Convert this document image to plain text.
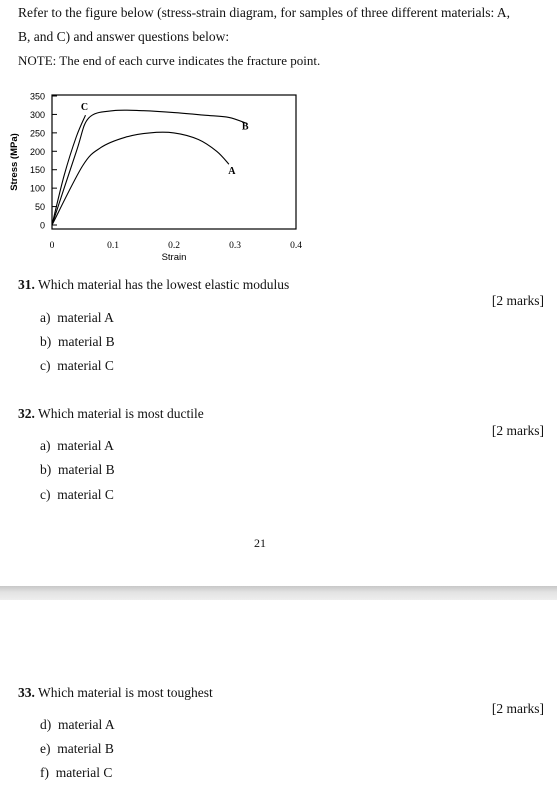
Refer to the figure below (stress-strain diagram, for samples of three different materials: A,
B, and C) and answer questions below:
NOTE: The end of each curve indicates the fracture point.
Stress (MPa)
Strain
0
50
100
150
200
250
300
350
0	0.1	0.2	0.3	0.4
A
B
C
31. Which material has the lowest elastic modulus
[2 marks]
a) material A
b) material B
c) material C
32. Which material is most ductile
[2 marks]
a) material A
b) material B
c) material C
21
33. Which material is most toughest
[2 marks]
d) material A
e) material B
f) material C
